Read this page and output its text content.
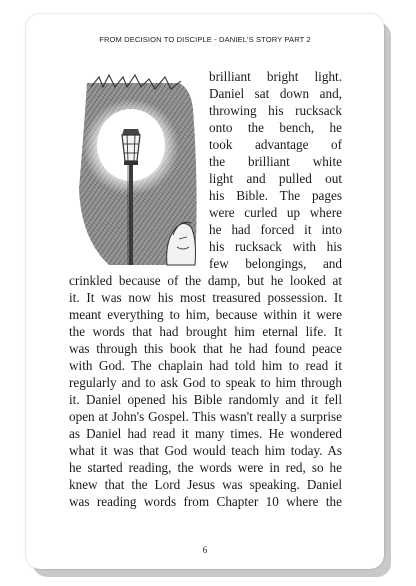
FROM DECISION TO DISCIPLE - DANIEL'S STORY PART 2
brilliant bright light.
Daniel sat down and,
throwing his rucksack
onto the bench, he
took advantage of
the brilliant white
light and pulled out
his Bible. The pages
were curled up where
he had forced it into
his rucksack with his
few belongings, and
crinkled because of the damp, but he looked at
it. It was now his most treasured possession. It
meant everything to him, because within it were
the words that had brought him eternal life. It
was through this book that he had found peace
with God. The chaplain had told him to read it
regularly and to ask God to speak to him through
it. Daniel opened his Bible randomly and it fell
open at John's Gospel. This wasn't really a surprise
as Daniel had read it many times. He wondered
what it was that God would teach him today. As
he started reading, the words were in red, so he
knew that the Lord Jesus was speaking. Daniel
was reading words from Chapter 10 where the
6
